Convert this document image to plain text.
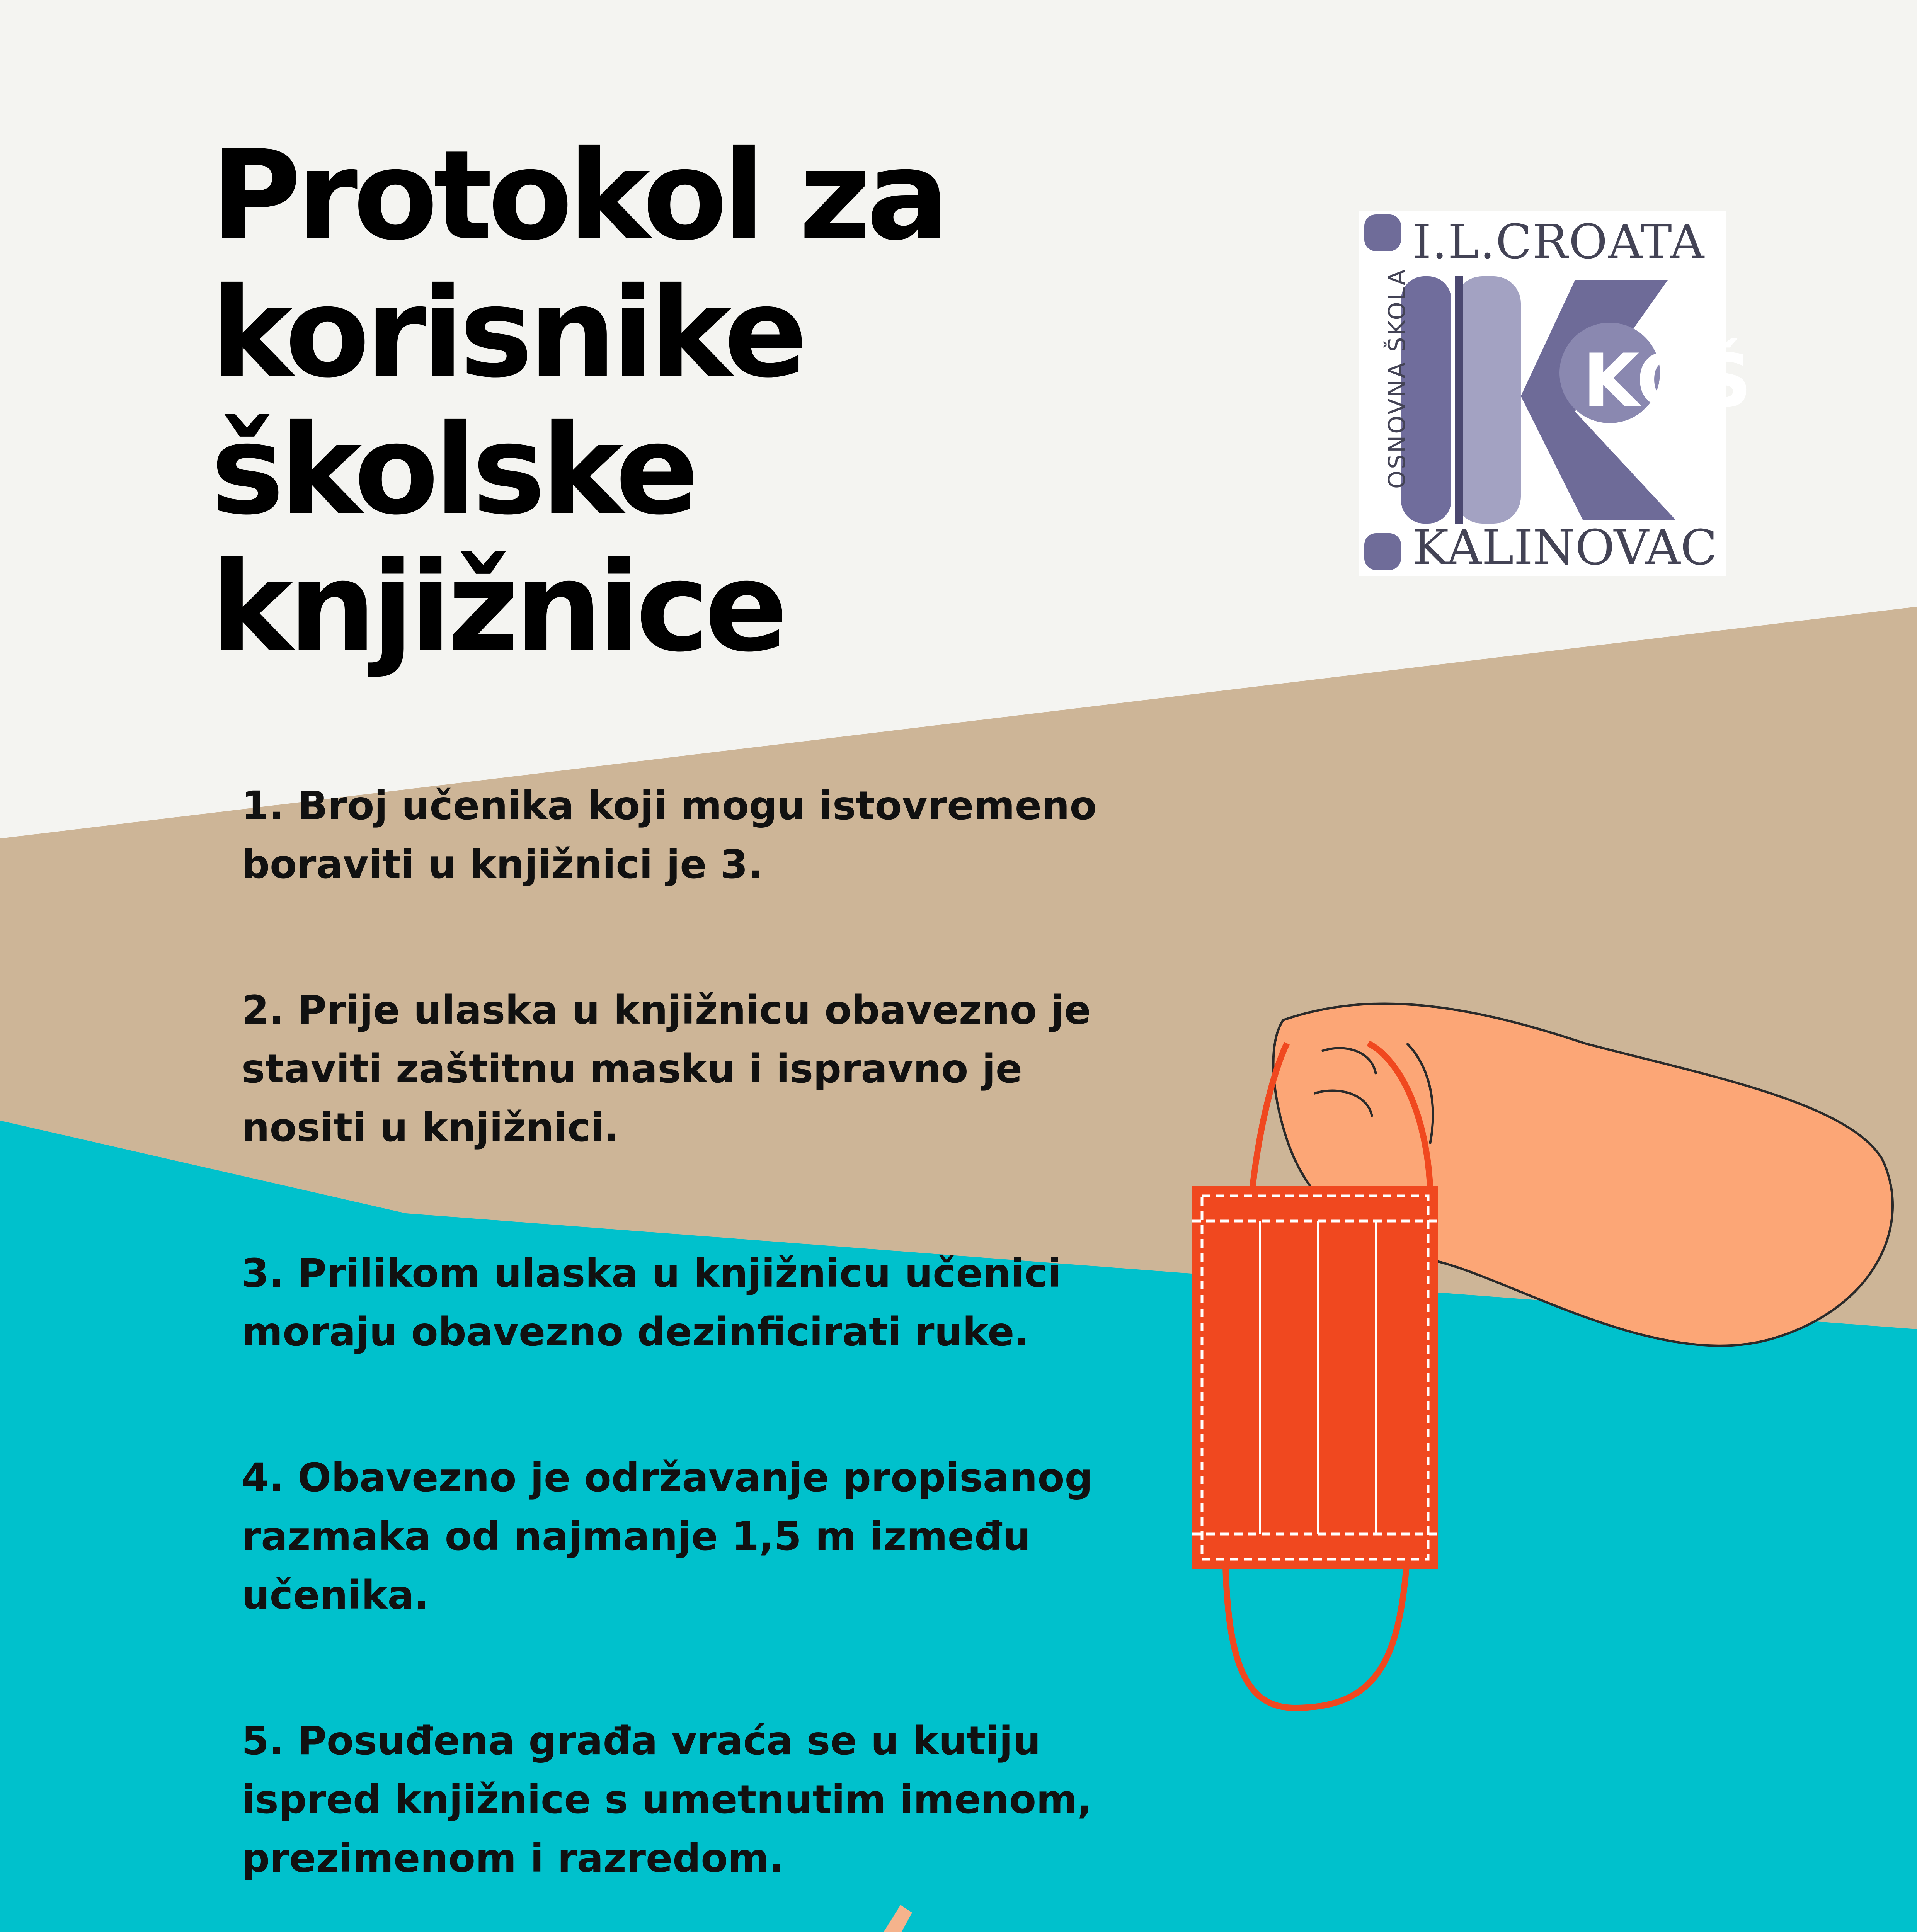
Protokol za
korisnike
školske
knjižnice
I.L.CROATA
OSNOVNA ŠKOLA KOŠ
KALINOVAC
1. Broj učenika koji mogu istovremeno boraviti u knjižnici je 3.
2. Prije ulaska u knjižnicu obavezno je staviti zaštitnu masku i ispravno je nositi u knjižnici.
3. Prilikom ulaska u knjižnicu učenici moraju obavezno dezinficirati ruke.
4. Obavezno je održavanje propisanog razmaka od najmanje 1,5 m između učenika.
5. Posuđena građa vraća se u kutiju ispred knjižnice s umetnutim imenom, prezimenom i razredom.
